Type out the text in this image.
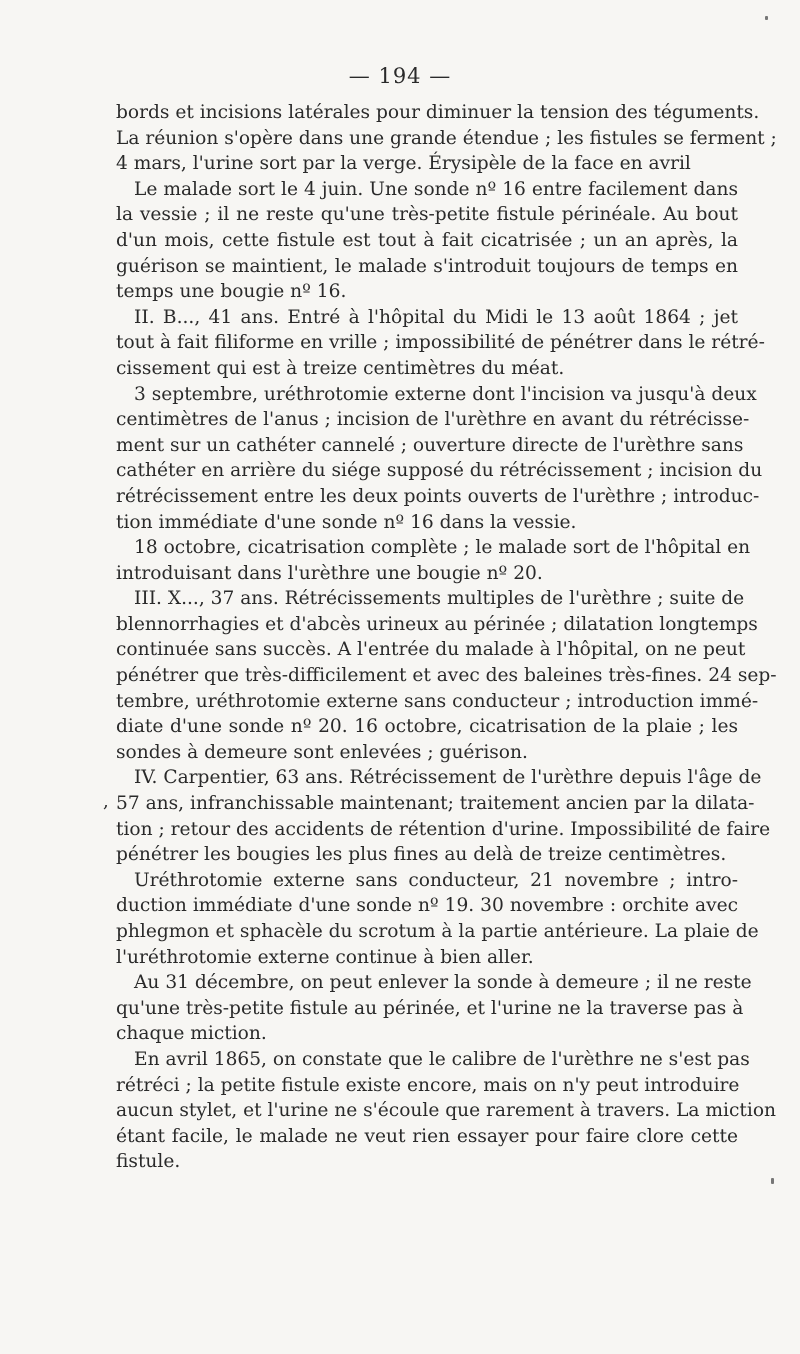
— 194 —
bords et incisions latérales pour diminuer la tension des téguments.
La réunion s'opère dans une grande étendue ; les fistules se ferment ;
4 mars, l'urine sort par la verge. Érysipèle de la face en avril
Le malade sort le 4 juin. Une sonde nº 16 entre facilement dans
la vessie ; il ne reste qu'une très-petite fistule périnéale. Au bout
d'un mois, cette fistule est tout à fait cicatrisée ; un an après, la
guérison se maintient, le malade s'introduit toujours de temps en
temps une bougie nº 16.
II. B..., 41 ans. Entré à l'hôpital du Midi le 13 août 1864 ; jet
tout à fait filiforme en vrille ; impossibilité de pénétrer dans le rétré-
cissement qui est à treize centimètres du méat.
3 septembre, uréthrotomie externe dont l'incision va jusqu'à deux
centimètres de l'anus ; incision de l'urèthre en avant du rétrécisse-
ment sur un cathéter cannelé ; ouverture directe de l'urèthre sans
cathéter en arrière du siége supposé du rétrécissement ; incision du
rétrécissement entre les deux points ouverts de l'urèthre ; introduc-
tion immédiate d'une sonde nº 16 dans la vessie.
18 octobre, cicatrisation complète ; le malade sort de l'hôpital en
introduisant dans l'urèthre une bougie nº 20.
III. X..., 37 ans. Rétrécissements multiples de l'urèthre ; suite de
blennorrhagies et d'abcès urineux au périnée ; dilatation longtemps
continuée sans succès. A l'entrée du malade à l'hôpital, on ne peut
pénétrer que très-difficilement et avec des baleines très-fines. 24 sep-
tembre, uréthrotomie externe sans conducteur ; introduction immé-
diate d'une sonde nº 20. 16 octobre, cicatrisation de la plaie ; les
sondes à demeure sont enlevées ; guérison.
IV. Carpentier, 63 ans. Rétrécissement de l'urèthre depuis l'âge de
57 ans, infranchissable maintenant; traitement ancien par la dilata-
tion ; retour des accidents de rétention d'urine. Impossibilité de faire
pénétrer les bougies les plus fines au delà de treize centimètres.
Uréthrotomie externe sans conducteur, 21 novembre ; intro-
duction immédiate d'une sonde nº 19. 30 novembre : orchite avec
phlegmon et sphacèle du scrotum à la partie antérieure. La plaie de
l'uréthrotomie externe continue à bien aller.
Au 31 décembre, on peut enlever la sonde à demeure ; il ne reste
qu'une très-petite fistule au périnée, et l'urine ne la traverse pas à
chaque miction.
En avril 1865, on constate que le calibre de l'urèthre ne s'est pas
rétréci ; la petite fistule existe encore, mais on n'y peut introduire
aucun stylet, et l'urine ne s'écoule que rarement à travers. La miction
étant facile, le malade ne veut rien essayer pour faire clore cette
fistule.
,
